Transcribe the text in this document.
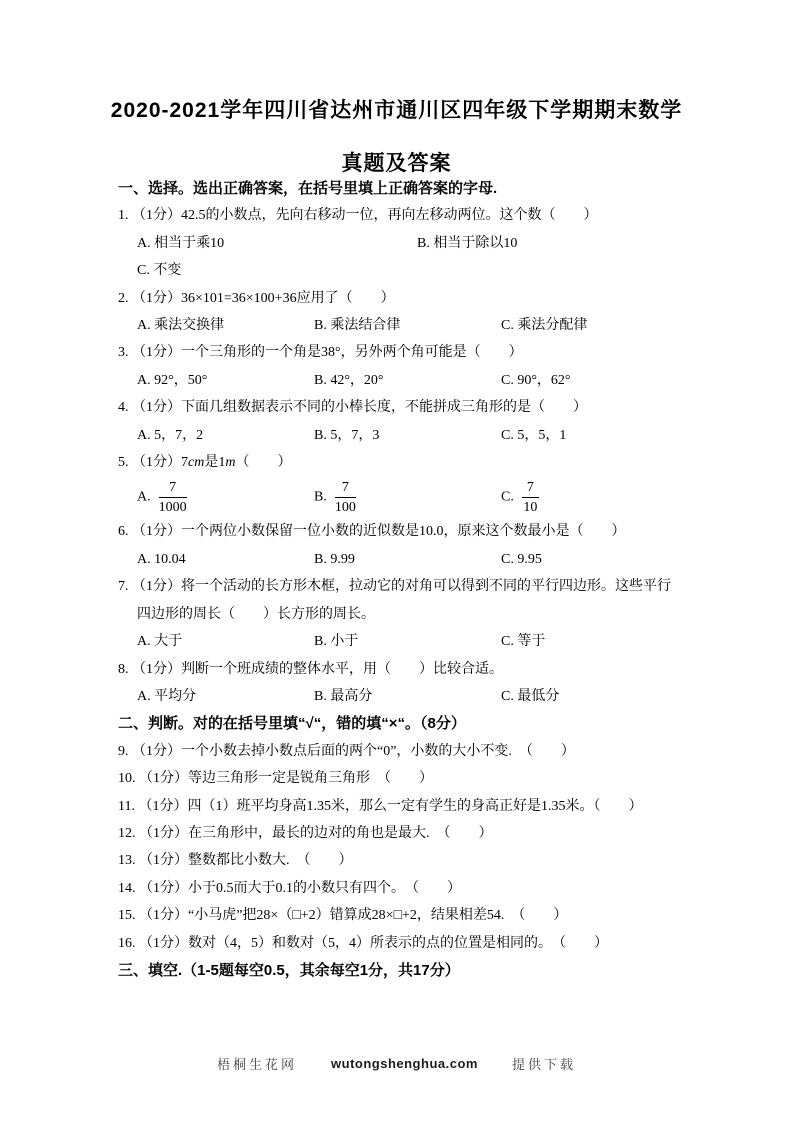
2020-2021学年四川省达州市通川区四年级下学期期末数学
真题及答案

一、选择。选出正确答案，在括号里填上正确答案的字母.

1. （1分）42.5的小数点，先向右移动一位，再向左移动两位。这个数（　　）

A. 相当于乘10	B. 相当于除以10

C. 不变

2. （1分）36×101=36×100+36应用了（　　）

A. 乘法交换律	B. 乘法结合律	C. 乘法分配律

3. （1分）一个三角形的一个角是38°，另外两个角可能是（　　）

A. 92°，50°	B. 42°，20°	C. 90°，62°

4. （1分）下面几组数据表示不同的小棒长度，不能拼成三角形的是（　　）

A. 5，7，2	B. 5，7，3	C. 5，5，1

5. （1分）7cm是1m（　　）

A. $\frac{7}{1000}$	B. $\frac{7}{100}$	C. $\frac{7}{10}$

6. （1分）一个两位小数保留一位小数的近似数是10.0，原来这个数最小是（　　）

A. 10.04	B. 9.99	C. 9.95

7. （1分）将一个活动的长方形木框，拉动它的对角可以得到不同的平行四边形。这些平行

四边形的周长（　　）长方形的周长。

A. 大于	B. 小于	C. 等于

8. （1分）判断一个班成绩的整体水平，用（　　）比较合适。

A. 平均分	B. 最高分	C. 最低分

二、判断。对的在括号里填“√“，错的填“×“。（8分）

9. （1分）一个小数去掉小数点后面的两个“0”，小数的大小不变.　（　　）

10. （1分）等边三角形一定是锐角三角形　（　　）

11. （1分）四（1）班平均身高1.35米，那么一定有学生的身高正好是1.35米。（　　）

12. （1分）在三角形中，最长的边对的角也是最大.　（　　）

13. （1分）整数都比小数大.　（　　）

14. （1分）小于0.5而大于0.1的小数只有四个。　（　　）

15. （1分）“小马虎”把28×（□+2）错算成28×□+2，结果相差54.　（　　）

16. （1分）数对（4，5）和数对（5，4）所表示的点的位置是相同的。　（　　）

三、填空.（1-5题每空0.5，其余每空1分，共17分）

梧桐生花网	wutongshenghua.com	提供下载
